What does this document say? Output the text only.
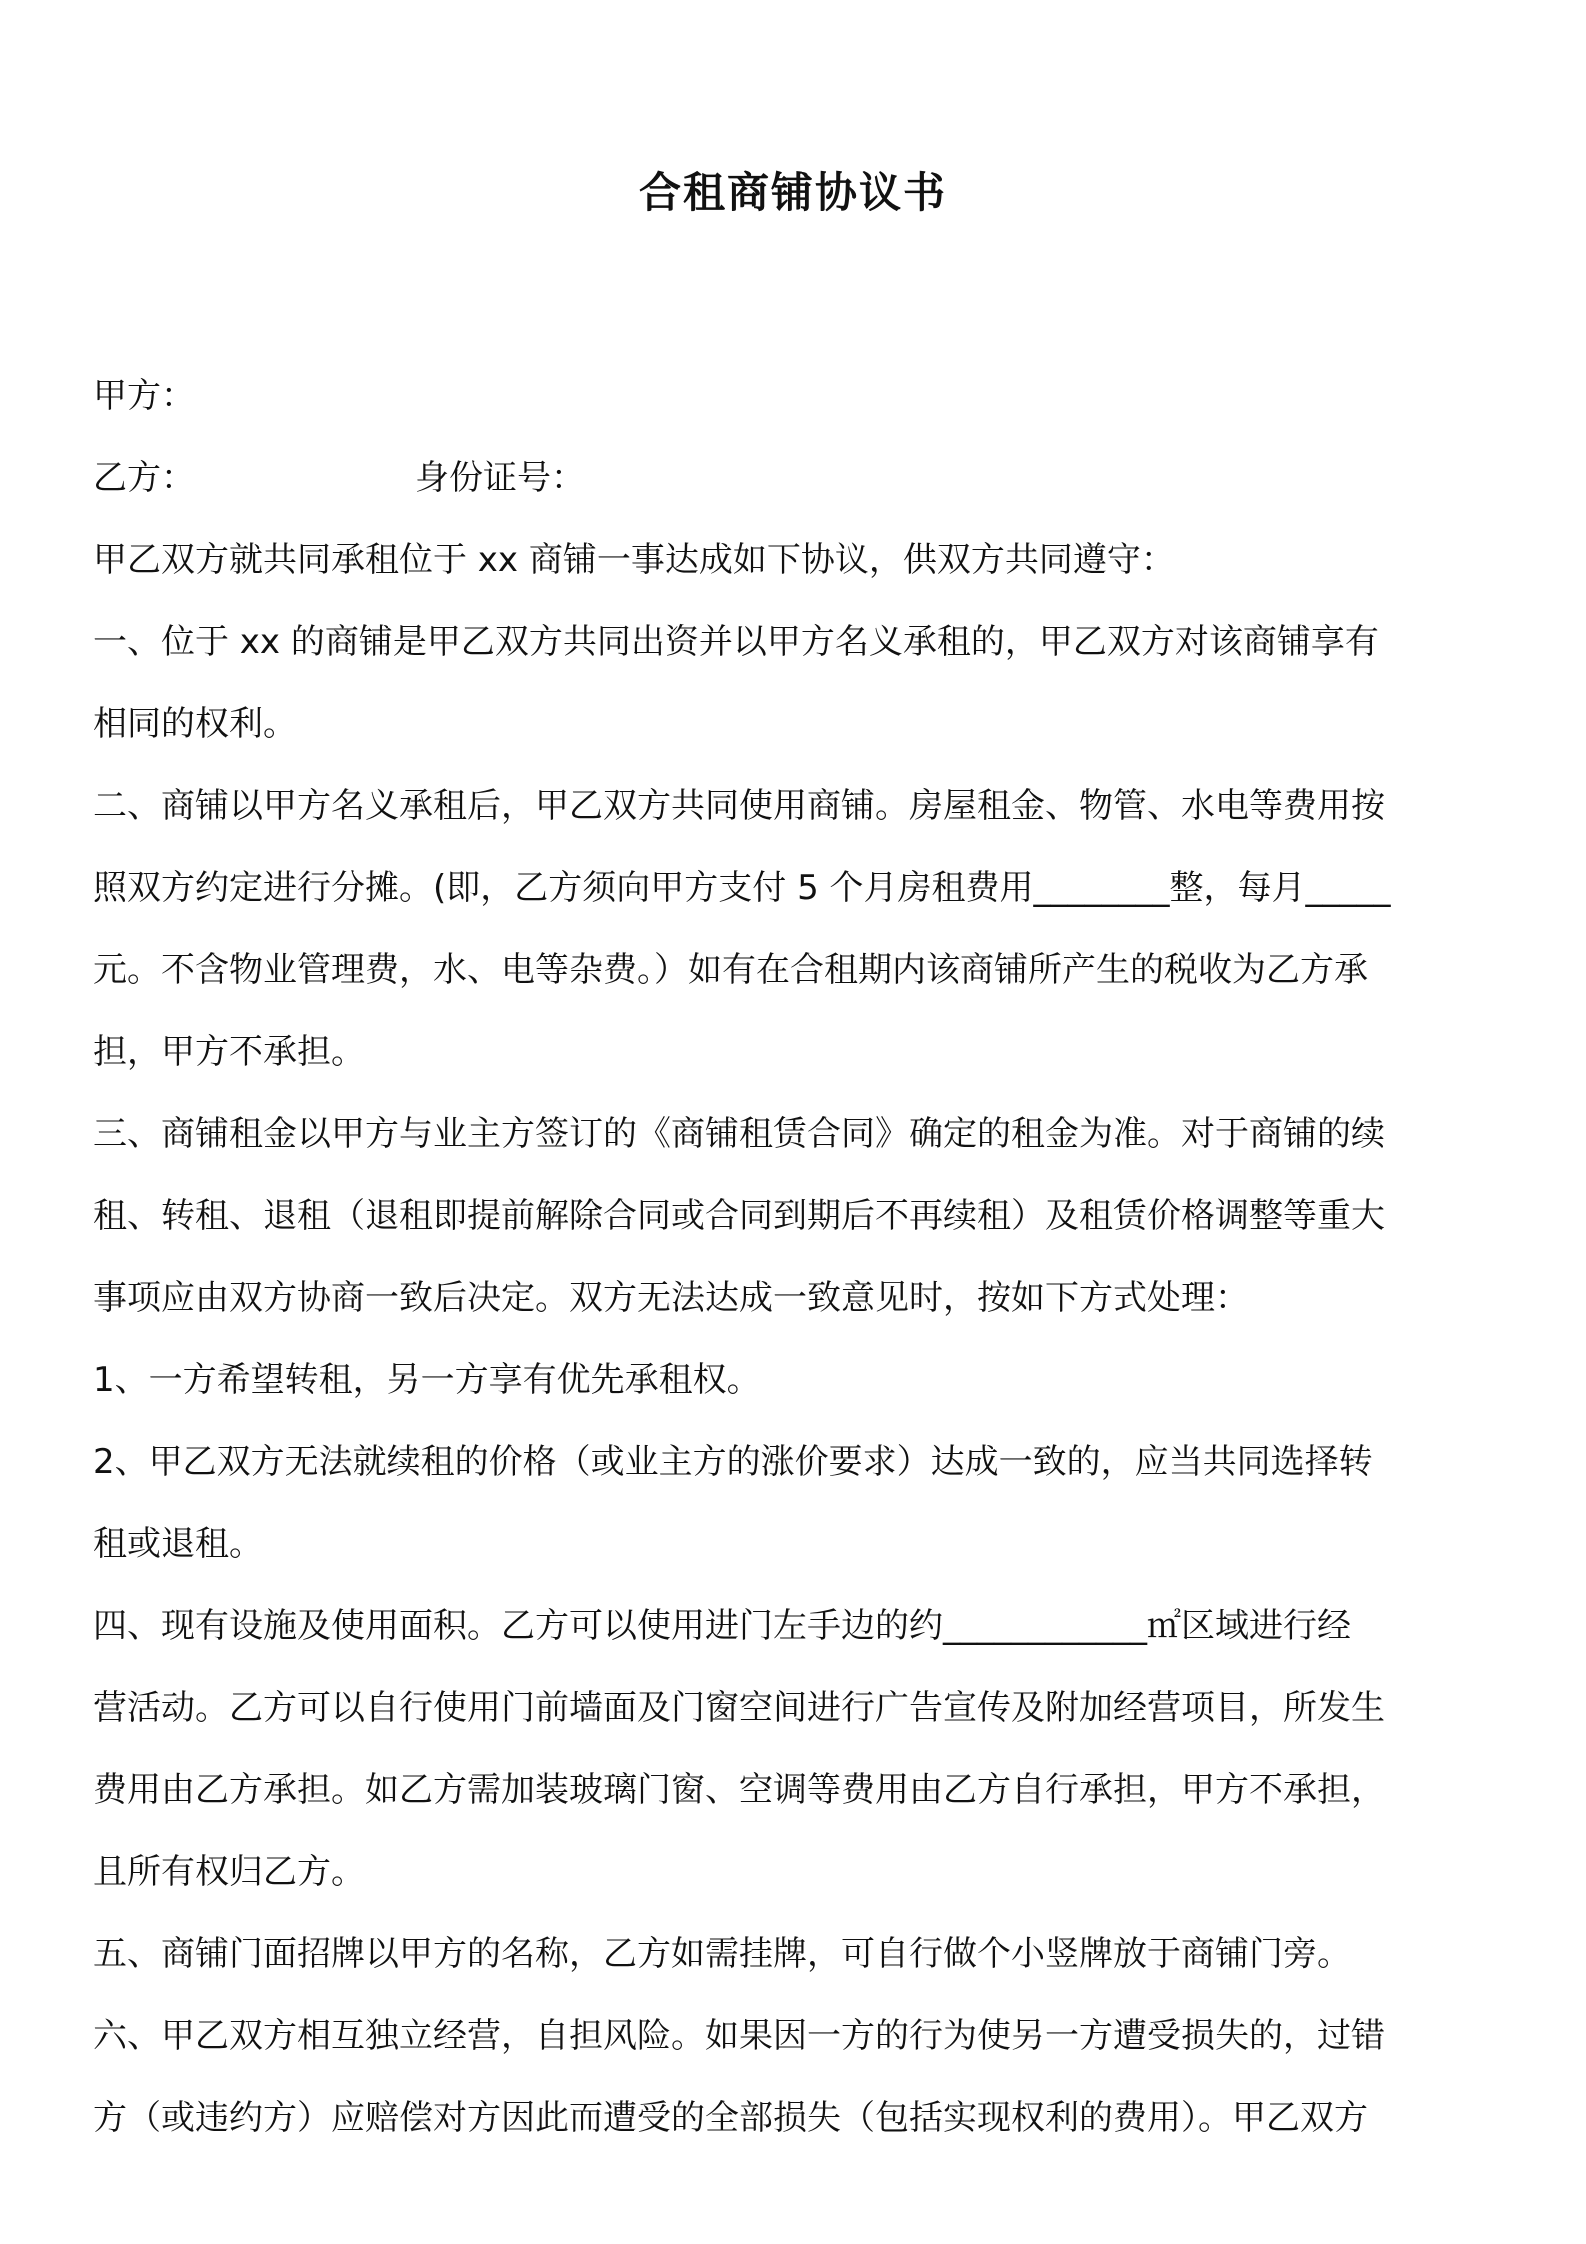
合租商铺协议书
甲方：
乙方：	身份证号：
甲乙双方就共同承租位于 xx 商铺一事达成如下协议，供双方共同遵守：
一、位于 xx 的商铺是甲乙双方共同出资并以甲方名义承租的，甲乙双方对该商铺享有
相同的权利。
二、商铺以甲方名义承租后，甲乙双方共同使用商铺。房屋租金、物管、水电等费用按
照双方约定进行分摊。(即，乙方须向甲方支付 5 个月房租费用________整，每月_____
元。不含物业管理费，水、电等杂费。）如有在合租期内该商铺所产生的税收为乙方承
担，甲方不承担。
三、商铺租金以甲方与业主方签订的《商铺租赁合同》确定的租金为准。对于商铺的续
租、转租、退租（退租即提前解除合同或合同到期后不再续租）及租赁价格调整等重大
事项应由双方协商一致后决定。双方无法达成一致意见时，按如下方式处理：
1、一方希望转租，另一方享有优先承租权。
2、甲乙双方无法就续租的价格（或业主方的涨价要求）达成一致的，应当共同选择转
租或退租。
四、现有设施及使用面积。乙方可以使用进门左手边的约____________㎡区域进行经
营活动。乙方可以自行使用门前墙面及门窗空间进行广告宣传及附加经营项目，所发生
费用由乙方承担。如乙方需加装玻璃门窗、空调等费用由乙方自行承担，甲方不承担，
且所有权归乙方。
五、商铺门面招牌以甲方的名称，乙方如需挂牌，可自行做个小竖牌放于商铺门旁。
六、甲乙双方相互独立经营，自担风险。如果因一方的行为使另一方遭受损失的，过错
方（或违约方）应赔偿对方因此而遭受的全部损失（包括实现权利的费用）。甲乙双方
